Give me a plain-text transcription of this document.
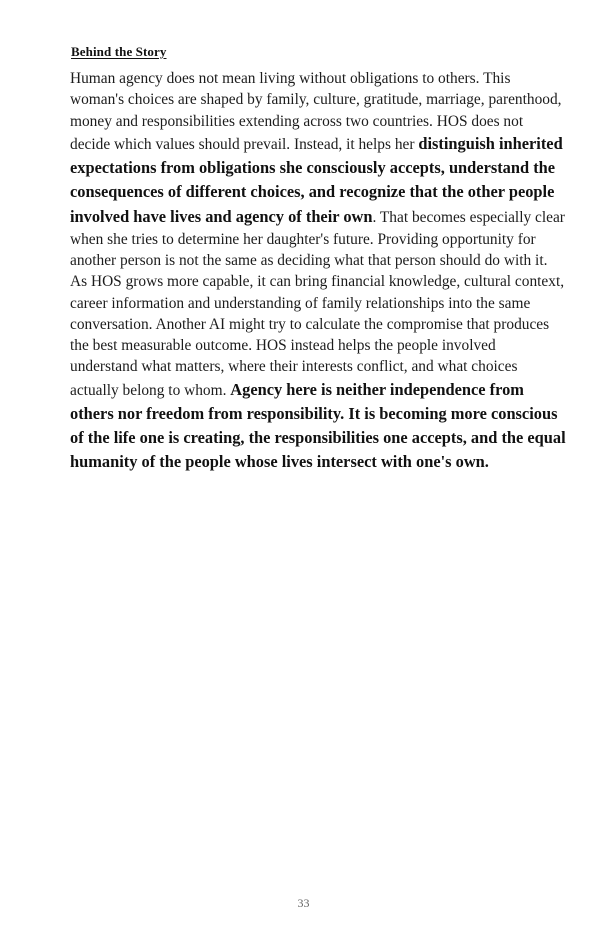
Behind the Story

Human agency does not mean living without obligations to others. This woman's choices are shaped by family, culture, gratitude, marriage, parenthood, money and responsibilities extending across two countries. HOS does not decide which values should prevail. Instead, it helps her distinguish inherited expectations from obligations she consciously accepts, understand the consequences of different choices, and recognize that the other people involved have lives and agency of their own. That becomes especially clear when she tries to determine her daughter's future. Providing opportunity for another person is not the same as deciding what that person should do with it. As HOS grows more capable, it can bring financial knowledge, cultural context, career information and understanding of family relationships into the same conversation. Another AI might try to calculate the compromise that produces the best measurable outcome. HOS instead helps the people involved understand what matters, where their interests conflict, and what choices actually belong to whom. Agency here is neither independence from others nor freedom from responsibility. It is becoming more conscious of the life one is creating, the responsibilities one accepts, and the equal humanity of the people whose lives intersect with one's own.

33
